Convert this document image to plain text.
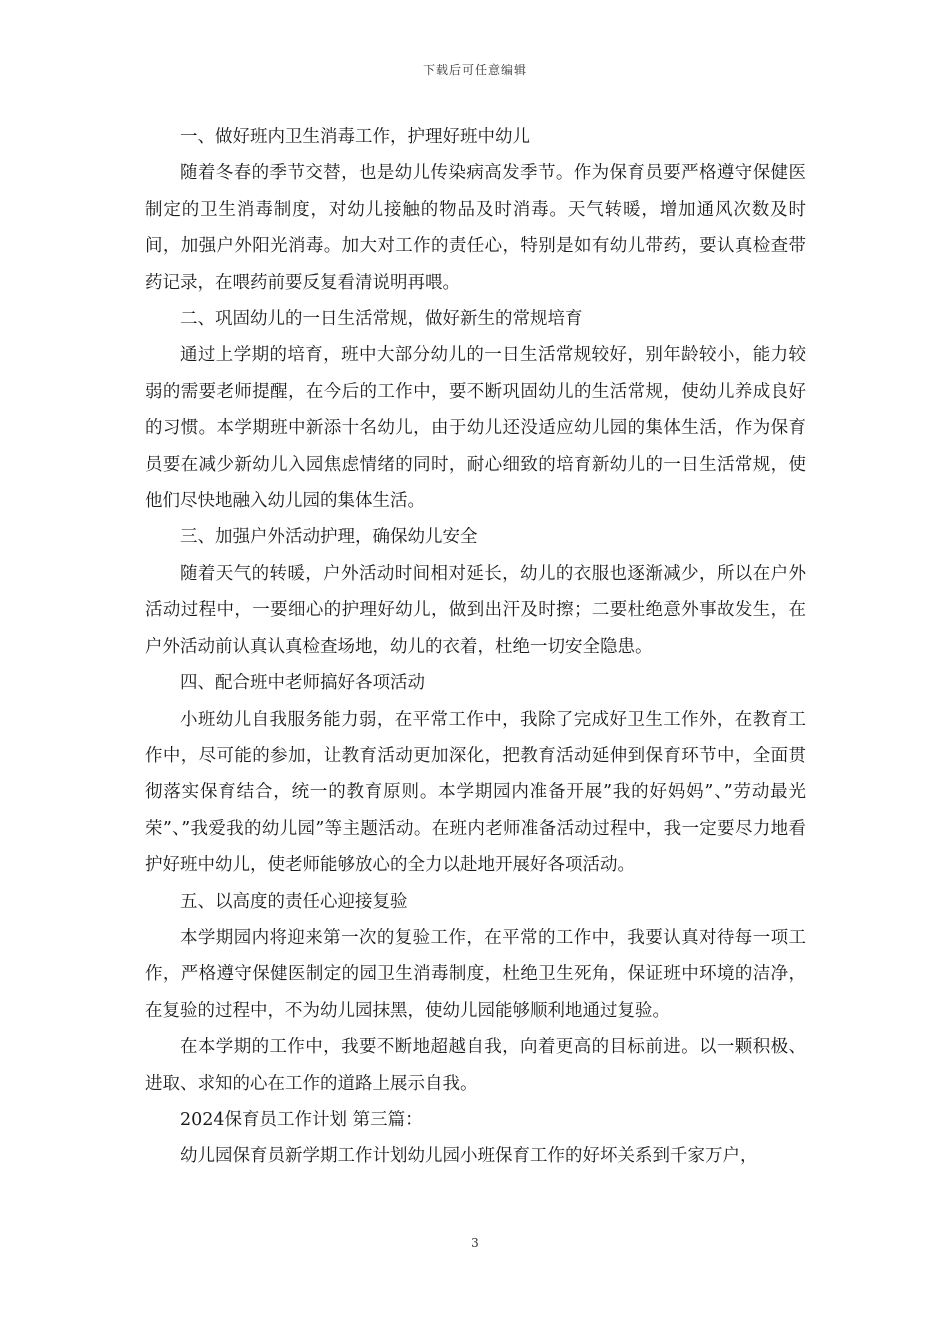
下载后可任意编辑

一、做好班内卫生消毒工作，护理好班中幼儿

随着冬春的季节交替，也是幼儿传染病高发季节。作为保育员要严格遵守保健医制定的卫生消毒制度，对幼儿接触的物品及时消毒。天气转暖，增加通风次数及时间，加强户外阳光消毒。加大对工作的责任心，特别是如有幼儿带药，要认真检查带药记录，在喂药前要反复看清说明再喂。

二、巩固幼儿的一日生活常规，做好新生的常规培育

通过上学期的培育，班中大部分幼儿的一日生活常规较好，别年龄较小，能力较弱的需要老师提醒，在今后的工作中，要不断巩固幼儿的生活常规，使幼儿养成良好的习惯。本学期班中新添十名幼儿，由于幼儿还没适应幼儿园的集体生活，作为保育员要在减少新幼儿入园焦虑情绪的同时，耐心细致的培育新幼儿的一日生活常规，使他们尽快地融入幼儿园的集体生活。

三、加强户外活动护理，确保幼儿安全

随着天气的转暖，户外活动时间相对延长，幼儿的衣服也逐渐减少，所以在户外活动过程中，一要细心的护理好幼儿，做到出汗及时擦；二要杜绝意外事故发生，在户外活动前认真认真检查场地，幼儿的衣着，杜绝一切安全隐患。

四、配合班中老师搞好各项活动

小班幼儿自我服务能力弱，在平常工作中，我除了完成好卫生工作外，在教育工作中，尽可能的参加，让教育活动更加深化，把教育活动延伸到保育环节中，全面贯彻落实保育结合，统一的教育原则。本学期园内准备开展”我的好妈妈”、”劳动最光荣”、”我爱我的幼儿园”等主题活动。在班内老师准备活动过程中，我一定要尽力地看护好班中幼儿，使老师能够放心的全力以赴地开展好各项活动。

五、以高度的责任心迎接复验

本学期园内将迎来第一次的复验工作，在平常的工作中，我要认真对待每一项工作，严格遵守保健医制定的园卫生消毒制度，杜绝卫生死角，保证班中环境的洁净，在复验的过程中，不为幼儿园抹黑，使幼儿园能够顺利地通过复验。

在本学期的工作中，我要不断地超越自我，向着更高的目标前进。以一颗积极、进取、求知的心在工作的道路上展示自我。

2024保育员工作计划 第三篇：

幼儿园保育员新学期工作计划幼儿园小班保育工作的好坏关系到千家万户，

3
